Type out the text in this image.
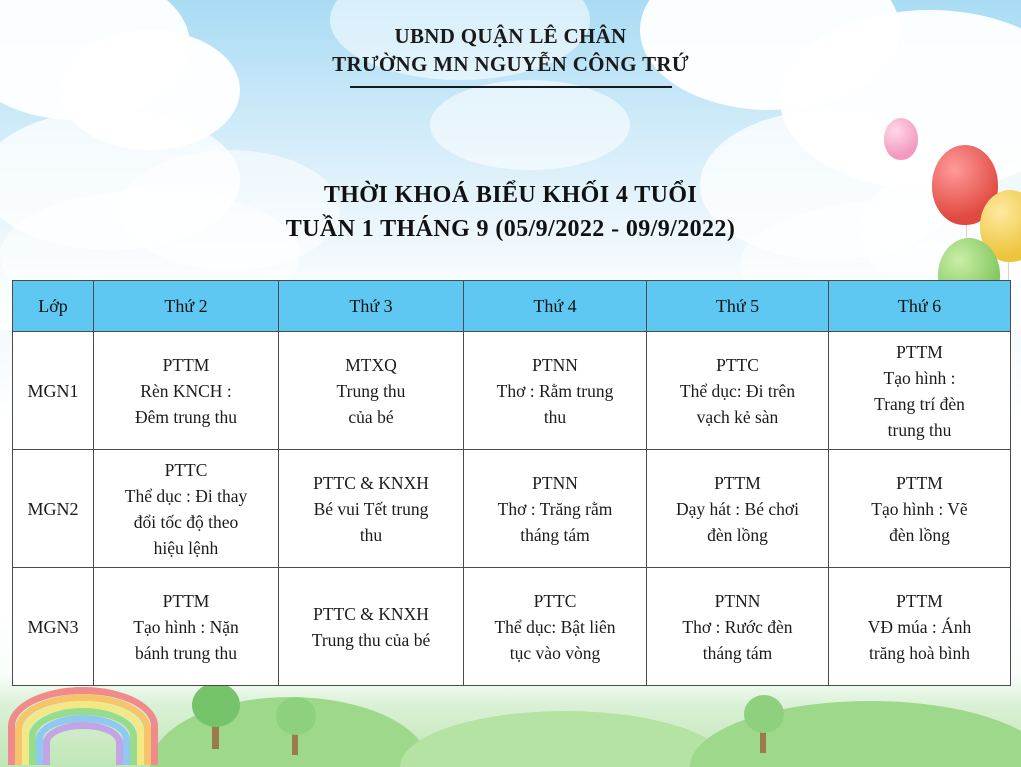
UBND QUẬN LÊ CHÂN
TRƯỜNG MN NGUYỄN CÔNG TRỨ
THỜI KHOÁ BIỂU KHỐI 4 TUỔI
TUẦN 1 THÁNG 9 (05/9/2022 - 09/9/2022)
Lớp	Thứ 2	Thứ 3	Thứ 4	Thứ 5	Thứ 6
MGN1	PTTM
Rèn KNCH :
Đêm trung thu	MTXQ
Trung thu
của bé	PTNN
Thơ : Rằm trung
thu	PTTC
Thể dục: Đi trên
vạch kẻ sàn	PTTM
Tạo hình :
Trang trí đèn
trung thu

MGN2	PTTC
Thể dục : Đi thay
đổi tốc độ theo
hiệu lệnh	PTTC & KNXH
Bé vui Tết trung
thu	PTNN
Thơ : Trăng rằm
tháng tám	PTTM
Dạy hát : Bé chơi
đèn lồng	PTTM
Tạo hình : Vẽ
đèn lồng

MGN3	PTTM
Tạo hình : Nặn
bánh trung thu	PTTC & KNXH
Trung thu của bé	PTTC
Thể dục: Bật liên
tục vào vòng	PTNN
Thơ : Rước đèn
tháng tám	PTTM
VĐ múa : Ánh
trăng hoà bình
